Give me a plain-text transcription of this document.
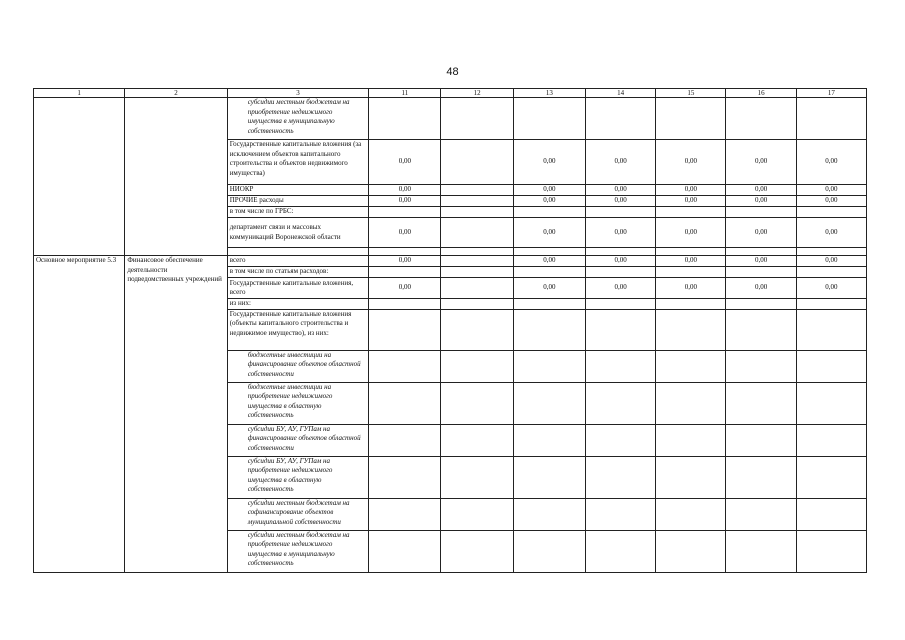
48
1	2	3	11	12	13	14	15	16	17
		субсидии местным бюджетам на приобретение недвижимого имущества в муниципальную собственность							
		Государственные капитальные вложения (за исключением объектов капитального строительства и объектов недвижимого имущества)	0,00		0,00	0,00	0,00	0,00	0,00
		НИОКР	0,00		0,00	0,00	0,00	0,00	0,00
		ПРОЧИЕ расходы	0,00		0,00	0,00	0,00	0,00	0,00
		в том числе по ГРБС:							
		департамент связи и массовых коммуникаций Воронежской области	0,00		0,00	0,00	0,00	0,00	0,00

Основное мероприятие 5.3	Финансовое обеспечение деятельности подведомственных учреждений	всего	0,00		0,00	0,00	0,00	0,00	0,00
		в том числе по статьям расходов:							
		Государственные капитальные вложения, всего	0,00		0,00	0,00	0,00	0,00	0,00
		из них:							
		Государственные капитальные вложения (объекты капитального строительства и недвижимое имущество), из них:							
		бюджетные инвестиции на финансирование объектов областной собственности							
		бюджетные инвестиции на приобретение недвижимого имущества в областную собственность							
		субсидии БУ, АУ, ГУПам на финансирование объектов областной собственности							
		субсидии БУ, АУ, ГУПам на приобретение недвижимого имущества в областную собственность							
		субсидии местным бюджетам на софинансирование объектов муниципальной собственности							
		субсидии местным бюджетам на приобретение недвижимого имущества в муниципальную собственность							
